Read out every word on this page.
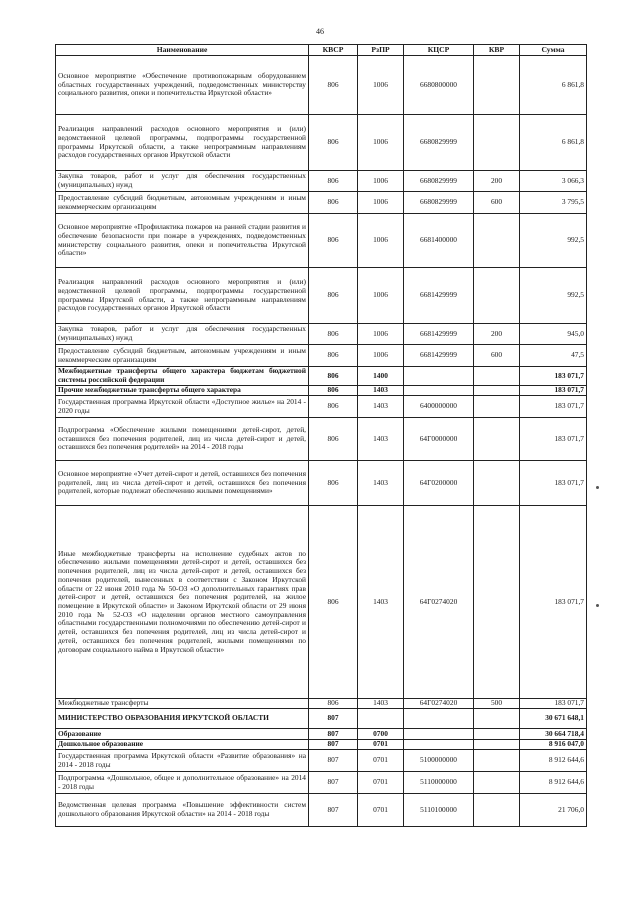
46
Наименование	КВСР	РзПР	КЦСР	КВР	Сумма
Основное мероприятие «Обеспечение противопожарным оборудованием областных государственных учреждений, подведомственных министерству социального развития, опеки и попечительства Иркутской области»	806	1006	6680800000		6 861,8
Реализация направлений расходов основного мероприятия и (или) ведомственной целевой программы, подпрограммы государственной программы Иркутской области, а также непрограммным направлениям расходов государственных органов Иркутской области	806	1006	6680829999		6 861,8
Закупка товаров, работ и услуг для обеспечения государственных (муниципальных) нужд	806	1006	6680829999	200	3 066,3
Предоставление субсидий бюджетным, автономным учреждениям и иным некоммерческим организациям	806	1006	6680829999	600	3 795,5
Основное мероприятие «Профилактика пожаров на ранней стадии развития и обеспечение безопасности при пожаре в учреждениях, подведомственных министерству социального развития, опеки и попечительства Иркутской области»	806	1006	6681400000		992,5
Реализация направлений расходов основного мероприятия и (или) ведомственной целевой программы, подпрограммы государственной программы Иркутской области, а также непрограммным направлениям расходов государственных органов Иркутской области	806	1006	6681429999		992,5
Закупка товаров, работ и услуг для обеспечения государственных (муниципальных) нужд	806	1006	6681429999	200	945,0
Предоставление субсидий бюджетным, автономным учреждениям и иным некоммерческим организациям	806	1006	6681429999	600	47,5
Межбюджетные трансферты общего характера бюджетам бюджетной системы российской федерации	806	1400			183 071,7
Прочие межбюджетные трансферты общего характера	806	1403			183 071,7
Государственная программа Иркутской области «Доступное жилье» на 2014 - 2020 годы	806	1403	6400000000		183 071,7
Подпрограмма «Обеспечение жилыми помещениями детей-сирот, детей, оставшихся без попечения родителей, лиц из числа детей-сирот и детей, оставшихся без попечения родителей» на 2014 - 2018 годы	806	1403	64Г0000000		183 071,7
Основное мероприятие «Учет детей-сирот и детей, оставшихся без попечения родителей, лиц из числа детей-сирот и детей, оставшихся без попечения родителей, которые подлежат обеспечению жилыми помещениями»	806	1403	64Г0200000		183 071,7
Иные межбюджетные трансферты на исполнение судебных актов по обеспечению жилыми помещениями детей-сирот и детей, оставшихся без попечения родителей, лиц из числа детей-сирот и детей, оставшихся без попечения родителей, вынесенных в соответствии с Законом Иркутской области от 22 июня 2010 года № 50-ОЗ «О дополнительных гарантиях прав детей-сирот и детей, оставшихся без попечения родителей, на жилое помещение в Иркутской области» и Законом Иркутской области от 29 июня 2010 года № 52-ОЗ «О наделении органов местного самоуправления областными государственными полномочиями по обеспечению детей-сирот и детей, оставшихся без попечения родителей, лиц из числа детей-сирот и детей, оставшихся без попечения родителей, жилыми помещениями по договорам социального найма в Иркутской области»	806	1403	64Г0274020		183 071,7
Межбюджетные трансферты	806	1403	64Г0274020	500	183 071,7
МИНИСТЕРСТВО ОБРАЗОВАНИЯ ИРКУТСКОЙ ОБЛАСТИ	807				30 671 648,1
Образование	807	0700			30 664 718,4
Дошкольное образование	807	0701			8 916 047,0
Государственная программа Иркутской области «Развитие образования» на 2014 - 2018 годы	807	0701	5100000000		8 912 644,6
Подпрограмма «Дошкольное, общее и дополнительное образование» на 2014 - 2018 годы	807	0701	5110000000		8 912 644,6
Ведомственная целевая программа «Повышение эффективности систем дошкольного образования Иркутской области» на 2014 - 2018 годы	807	0701	5110100000		21 706,0
